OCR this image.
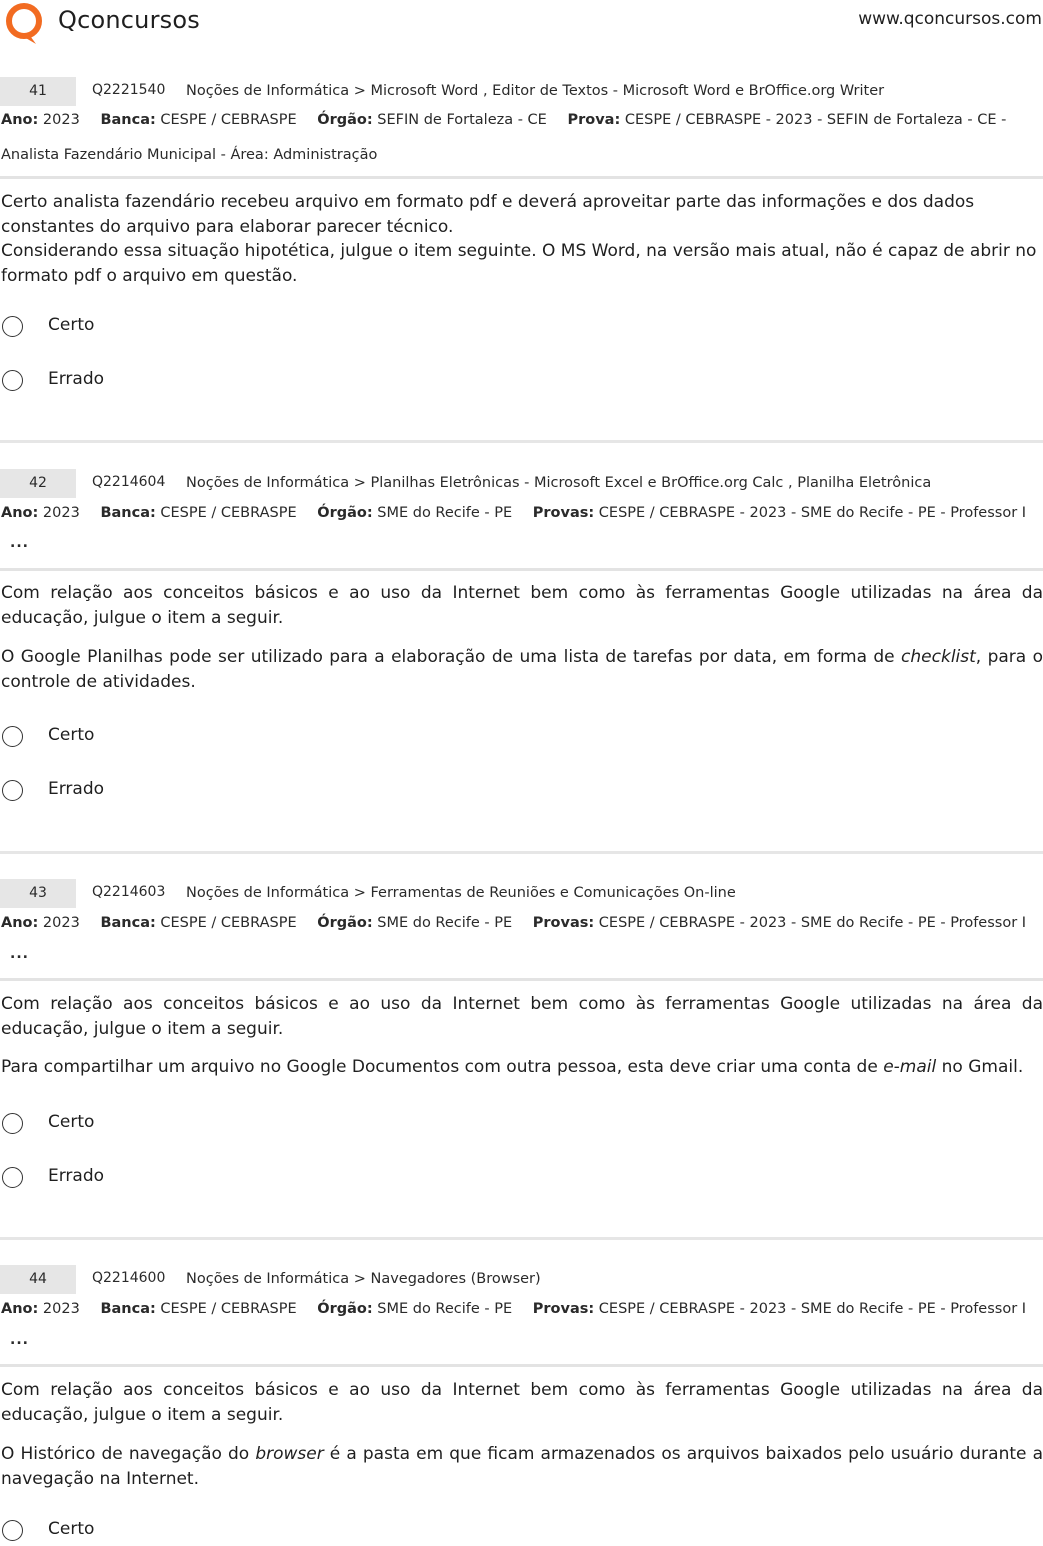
Qconcursos	www.qconcursos.com
41	Q2221540 Noções de Informática > Microsoft Word , Editor de Textos - Microsoft Word e BrOffice.org Writer
Ano: 2023 Banca: CESPE / CEBRASPE Órgão: SEFIN de Fortaleza - CE Prova: CESPE / CEBRASPE - 2023 - SEFIN de Fortaleza - CE -
Analista Fazendário Municipal - Área: Administração

Certo analista fazendário recebeu arquivo em formato pdf e deverá aproveitar parte das informações e dos dados constantes do arquivo para elaborar parecer técnico.

Considerando essa situação hipotética, julgue o item seguinte. O MS Word, na versão mais atual, não é capaz de abrir no formato pdf o arquivo em questão.

Certo
Errado
42	Q2214604 Noções de Informática > Planilhas Eletrônicas - Microsoft Excel e BrOffice.org Calc , Planilha Eletrônica
Ano: 2023 Banca: CESPE / CEBRASPE Órgão: SME do Recife - PE Provas: CESPE / CEBRASPE - 2023 - SME do Recife - PE - Professor I
...

Com relação aos conceitos básicos e ao uso da Internet bem como às ferramentas Google utilizadas na área da educação, julgue o item a seguir.

O Google Planilhas pode ser utilizado para a elaboração de uma lista de tarefas por data, em forma de checklist, para o controle de atividades.

Certo
Errado
43	Q2214603 Noções de Informática > Ferramentas de Reuniões e Comunicações On-line
Ano: 2023 Banca: CESPE / CEBRASPE Órgão: SME do Recife - PE Provas: CESPE / CEBRASPE - 2023 - SME do Recife - PE - Professor I
...

Com relação aos conceitos básicos e ao uso da Internet bem como às ferramentas Google utilizadas na área da educação, julgue o item a seguir.

Para compartilhar um arquivo no Google Documentos com outra pessoa, esta deve criar uma conta de e-mail no Gmail.

Certo
Errado
44	Q2214600 Noções de Informática > Navegadores (Browser)
Ano: 2023 Banca: CESPE / CEBRASPE Órgão: SME do Recife - PE Provas: CESPE / CEBRASPE - 2023 - SME do Recife - PE - Professor I
...

Com relação aos conceitos básicos e ao uso da Internet bem como às ferramentas Google utilizadas na área da educação, julgue o item a seguir.

O Histórico de navegação do browser é a pasta em que ficam armazenados os arquivos baixados pelo usuário durante a navegação na Internet.

Certo
